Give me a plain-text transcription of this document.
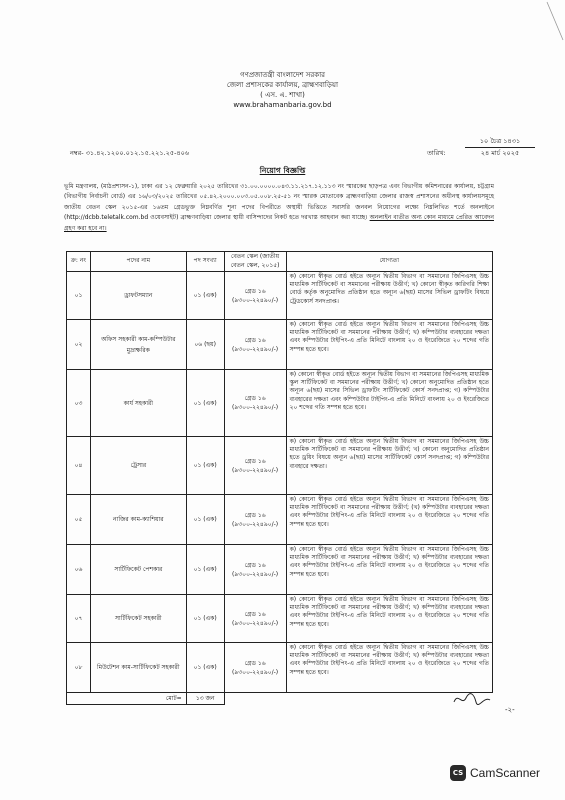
গণপ্রজাতন্ত্রী বাংলাদেশ সরকার
জেলা প্রশাসকের কার্যালয়, ব্রাহ্মণবাড়িয়া
( এস. এ. শাখা)
www.brahamanbaria.gov.bd
নম্বর- ৩১.৪২.১২০০.০১২.১৫.২২১.২৫-৪০৬	তারিখ:
১০ চৈত্র ১৪৩১
২৪ মার্চ ২০২৫
নিয়োগ বিজ্ঞপ্তি
ভূমি মন্ত্রণালয়, (মাঠপ্রশাসন-১), ঢাকা এর ১২ ফেব্রুয়ারি ২০২৫ তারিখের ৩১.০০.০০০০.০৪৩.১১.২১৭.১২.১১৩ নং স্মারকের ছাড়পত্র এবং বিভাগীয় কমিশনারের কার্যালয়, চট্টগ্রাম (বিভাগীয় নির্বাচনী বোর্ড) এর ১৬/০৩/২০২৫ তারিখের ০৫.৪২.২০০০.০০৩.০৫.০০৮.২৫-৫১ নং স্মারক মোতাবেক ব্রাহ্মণবাড়িয়া জেলার রাজস্ব প্রশাসনের অধীনস্থ কার্যালয়সমূহে জাতীয় বেতন স্কেল ২০১৫-এর ১৬তম গ্রেডভুক্ত নিম্নবর্ণিত শূন্য পদের বিপরীতে অস্থায়ী ভিত্তিতে সরাসরি জনবল নিয়োগের লক্ষ্যে নিম্নলিখিত শর্তে অনলাইনে (http://dcbb.teletalk.com.bd ওয়েবসাইট) ব্রাহ্মণবাড়িয়া জেলার স্থায়ী বাসিন্দাদের নিকট হতে দরখাস্ত আহবান করা যাচ্ছে। অনলাইন ব্যতীত অন্য কোন মাধ্যমে প্রেরিত আবেদন গ্রহণ করা হবে না।
ক্র: নং	পদের নাম	পদ সংখ্যা	বেতন স্কেল (জাতীয় বেতন স্কেল, ২০১৫)	যোগ্যতা
০১	ড্রাফটসম্যান	০১ (এক)	গ্রেড ১৬
(৯৩০০-২২৪৯০/-)	ক) কোনো স্বীকৃত বোর্ড হইতে অন্যূন দ্বিতীয় বিভাগ বা সমমানের জিপিএসহ উচ্চ মাধ্যমিক সার্টিফিকেট বা সমমানের পরীক্ষায় উত্তীর্ণ; খ) কোনো স্বীকৃত কারিগরি শিক্ষা বোর্ড কর্তৃক অনুমোদিত প্রতিষ্ঠান হতে অন্যূন ৬(ছয়) মাসের সিভিল ড্রাফটিং বিষয়ে ট্রেডকোর্স সনদপ্রাপ্ত।
০২	অফিস সহকারী কাম-কম্পিউটার মুদ্রাক্ষরিক	০৬ (ছয়)	গ্রেড ১৬
(৯৩০০-২২৪৯০/-)	ক) কোনো স্বীকৃত বোর্ড হইতে অন্যূন দ্বিতীয় বিভাগ বা সমমানের জিপিএসহ উচ্চ মাধ্যমিক সার্টিফিকেট বা সমমানের পরীক্ষায় উত্তীর্ণ; খ) কম্পিউটার ব্যবহারের দক্ষতা এবং কম্পিউটার টাইপিং-এ প্রতি মিনিটে বাংলায় ২০ ও ইংরেজিতে ২০ শব্দের গতি সম্পন্ন হতে হবে।
০৩	কার্য সহকারী	০১ (এক)	গ্রেড ১৬
(৯৩০০-২২৪৯০/-)	ক) কোনো স্বীকৃত বোর্ড হইতে অন্যূন দ্বিতীয় বিভাগ বা সমমানের জিপিএসহ মাধ্যমিক স্কুল সার্টিফিকেট বা সমমানের পরীক্ষায় উত্তীর্ণ; খ) কোনো অনুমোদিত প্রতিষ্ঠান হতে অন্যূন ৬(ছয়) মাসের সিভিল ড্রাফটিং সার্টিফিকেট কোর্স সনদপ্রাপ্ত; গ) কম্পিউটার ব্যবহারের দক্ষতা এবং কম্পিউটার টাইপিং-এ প্রতি মিনিটে বাংলায় ২০ ও ইংরেজিতে ২০ শব্দের গতি সম্পন্ন হতে হবে।
০৪	ট্রেসার	০১ (এক)	গ্রেড ১৬
(৯৩০০-২২৪৯০/-)	ক) কোনো স্বীকৃত বোর্ড হইতে অন্যূন দ্বিতীয় বিভাগ বা সমমানের জিপিএসহ উচ্চ মাধ্যমিক সার্টিফিকেট বা সমমানের পরীক্ষায় উত্তীর্ণ; খ) কোনো অনুমোদিত প্রতিষ্ঠান হতে ড্রয়িং বিষয়ে অন্যূন ৬(ছয়) মাসের সার্টিফিকেট কোর্স সনদপ্রাপ্ত; গ) কম্পিউটার ব্যবহারে দক্ষতা।
০৫	নাজির কাম-ক্যাশিয়ার	০১ (এক)	গ্রেড ১৬
(৯৩০০-২২৪৯০/-)	ক) কোনো স্বীকৃত বোর্ড হইতে অন্যূন দ্বিতীয় বিভাগ বা সমমানের জিপিএসহ উচ্চ মাধ্যমিক সার্টিফিকেট বা সমমানের পরীক্ষায় উত্তীর্ণ; (খ) কম্পিউটার ব্যবহারের দক্ষতা এবং কম্পিউটার টাইপিং-এ প্রতি মিনিটে বাংলায় ২০ ও ইংরেজিতে ২০ শব্দের গতি সম্পন্ন হতে হবে।
০৬	সার্টিফিকেট পেশকার	০১ (এক)	গ্রেড ১৬
(৯৩০০-২২৪৯০/-)	ক) কোনো স্বীকৃত বোর্ড হইতে অন্যূন দ্বিতীয় বিভাগ বা সমমানের জিপিএসহ উচ্চ মাধ্যমিক সার্টিফিকেট বা সমমানের পরীক্ষায় উত্তীর্ণ; খ) কম্পিউটার ব্যবহারের দক্ষতা এবং কম্পিউটার টাইপিং-এ প্রতি মিনিটে বাংলায় ২০ ও ইংরেজিতে ২০ শব্দের গতি সম্পন্ন হতে হবে।
০৭	সার্টিফিকেট সহকারী	০১ (এক)	গ্রেড ১৬
(৯৩০০-২২৪৯০/-)	ক) কোনো স্বীকৃত বোর্ড হইতে অন্যূন দ্বিতীয় বিভাগ বা সমমানের জিপিএসহ উচ্চ মাধ্যমিক সার্টিফিকেট বা সমমানের পরীক্ষায় উত্তীর্ণ; খ) কম্পিউটার ব্যবহারের দক্ষতা এবং কম্পিউটার টাইপিং-এ প্রতি মিনিটে বাংলায় ২০ ও ইংরেজিতে ২০ শব্দের গতি সম্পন্ন হতে হবে।
০৮	মিউটেশন কাম-সার্টিফিকেট সহকারী	০১ (এক)	গ্রেড ১৬
(৯৩০০-২২৪৯০/-)	ক) কোনো স্বীকৃত বোর্ড হইতে অন্যূন দ্বিতীয় বিভাগ বা সমমানের জিপিএসহ উচ্চ মাধ্যমিক সার্টিফিকেট বা সমমানের পরীক্ষায় উত্তীর্ণ; খ) কম্পিউটার ব্যবহারের দক্ষতা এবং কম্পিউটার টাইপিং-এ প্রতি মিনিটে বাংলায় ২০ ও ইংরেজিতে ২০ শব্দের গতি সম্পন্ন হতে হবে।
মোট=		১৩ জন		
-২-
CS CamScanner
